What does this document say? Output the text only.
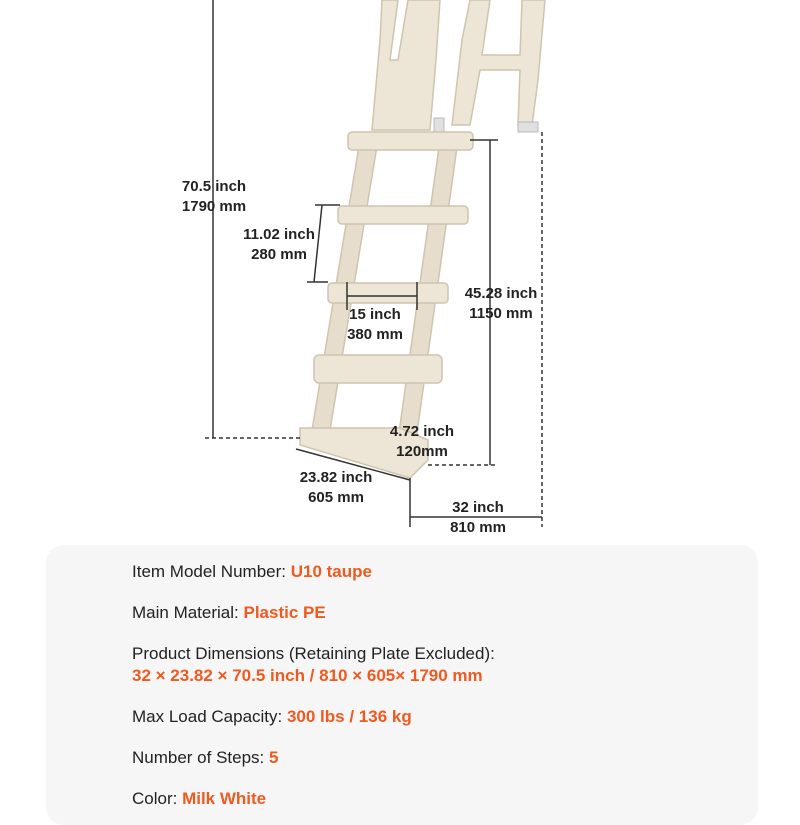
70.5 inch
1790 mm
11.02 inch
280 mm
15 inch
380 mm
45.28 inch
1150 mm
4.72 inch
120mm
23.82 inch
605 mm
32 inch
810 mm
Item Model Number: U10 taupe
Main Material: Plastic PE
Product Dimensions (Retaining Plate Excluded):
32 × 23.82 × 70.5 inch / 810 × 605× 1790 mm
Max Load Capacity: 300 lbs / 136 kg
Number of Steps: 5
Color: Milk White
